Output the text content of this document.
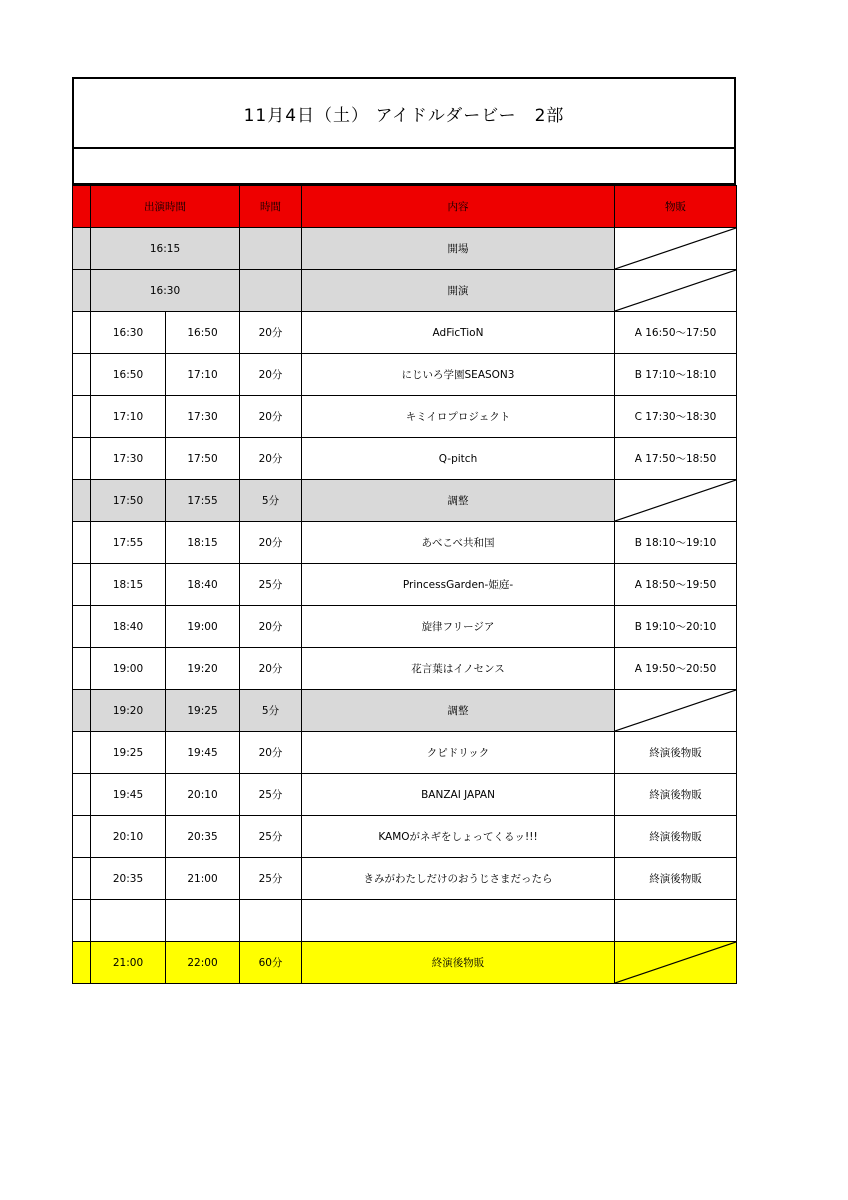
11月4日（土） アイドルダービー　2部
	出演時間		時間	内容	物販
	16:15			開場	

	16:30			開演	

	16:30	16:50	20分	AdFicTioN	A 16:50～17:50
	16:50	17:10	20分	にじいろ学園SEASON3	B 17:10～18:10
	17:10	17:30	20分	キミイロプロジェクト	C 17:30～18:30
	17:30	17:50	20分	Q-pitch	A 17:50～18:50
	17:50	17:55	5分	調整	

	17:55	18:15	20分	あべこべ共和国	B 18:10～19:10
	18:15	18:40	25分	PrincessGarden-姫庭-	A 18:50～19:50
	18:40	19:00	20分	旋律フリージア	B 19:10～20:10
	19:00	19:20	20分	花言葉はイノセンス	A 19:50～20:50
	19:20	19:25	5分	調整	

	19:25	19:45	20分	クピドリック	終演後物販
	19:45	20:10	25分	BANZAI JAPAN	終演後物販
	20:10	20:35	25分	KAMOがネギをしょってくるッ!!!	終演後物販
	20:35	21:00	25分	きみがわたしだけのおうじさまだったら	終演後物販

	21:00	22:00	60分	終演後物販	
